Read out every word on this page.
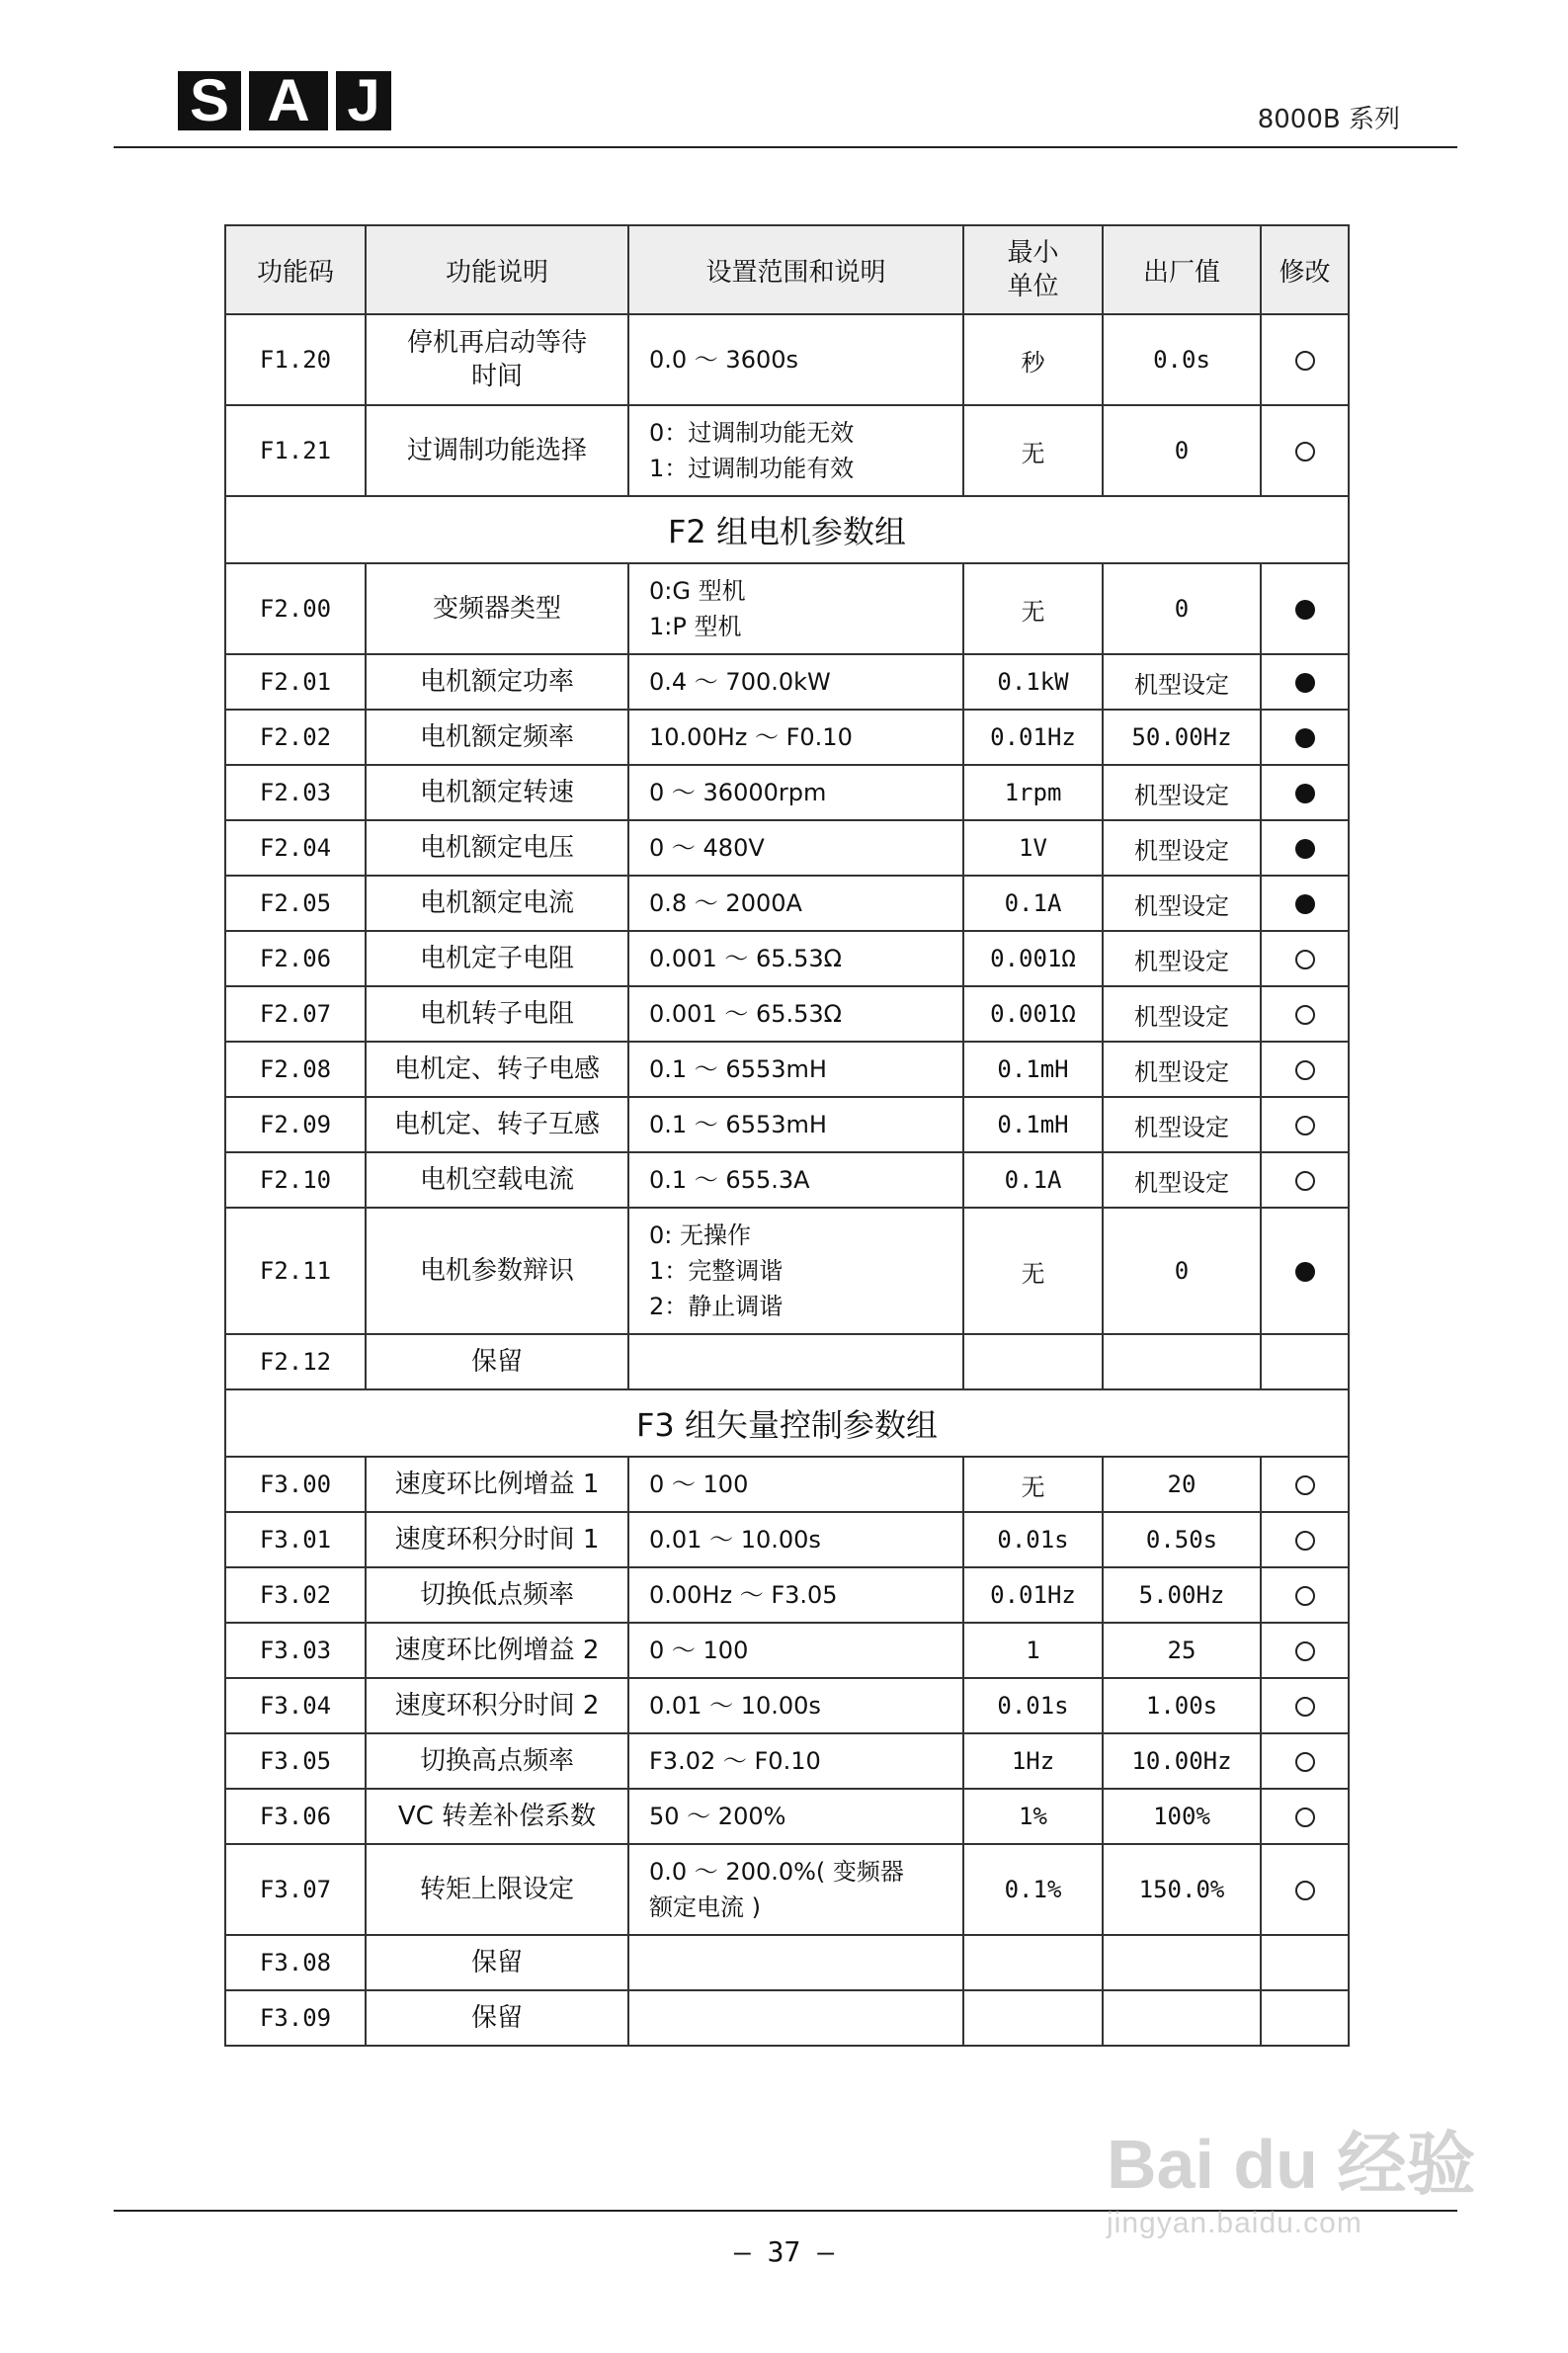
S A J	8000B 系列
功能码	功能说明	设置范围和说明	最小
单位	出厂值	修改
F1.20	停机再启动等待
时间	0.0 ～ 3600s	秒	0.0s	
F1.21	过调制功能选择	0：过调制功能无效
1：过调制功能有效	无	0	
F2 组电机参数组					
F2.00	变频器类型	0:G 型机
1:P 型机	无	0	
F2.01	电机额定功率	0.4 ～ 700.0kW	0.1kW	机型设定	
F2.02	电机额定频率	10.00Hz ～ F0.10	0.01Hz	50.00Hz	
F2.03	电机额定转速	0 ～ 36000rpm	1rpm	机型设定	
F2.04	电机额定电压	0 ～ 480V	1V	机型设定	
F2.05	电机额定电流	0.8 ～ 2000A	0.1A	机型设定	
F2.06	电机定子电阻	0.001 ～ 65.53Ω	0.001Ω	机型设定	
F2.07	电机转子电阻	0.001 ～ 65.53Ω	0.001Ω	机型设定	
F2.08	电机定、转子电感	0.1 ～ 6553mH	0.1mH	机型设定	
F2.09	电机定、转子互感	0.1 ～ 6553mH	0.1mH	机型设定	
F2.10	电机空载电流	0.1 ～ 655.3A	0.1A	机型设定	
F2.11	电机参数辩识	0: 无操作
1：完整调谐
2：静止调谐	无	0	
F2.12	保留				

F3 组矢量控制参数组					
F3.00	速度环比例增益 1	0 ～ 100	无	20	
F3.01	速度环积分时间 1	0.01 ～ 10.00s	0.01s	0.50s	
F3.02	切换低点频率	0.00Hz ～ F3.05	0.01Hz	5.00Hz	
F3.03	速度环比例增益 2	0 ～ 100	1	25	
F3.04	速度环积分时间 2	0.01 ～ 10.00s	0.01s	1.00s	
F3.05	切换高点频率	F3.02 ～ F0.10	1Hz	10.00Hz	
F3.06	VC 转差补偿系数	50 ～ 200%	1%	100%	
F3.07	转矩上限设定	0.0 ～ 200.0%( 变频器
额定电流 )	0.1%	150.0%	
F3.08	保留				

F3.09	保留				

— 37 —
Bai du 经验
jingyan.baidu.com
